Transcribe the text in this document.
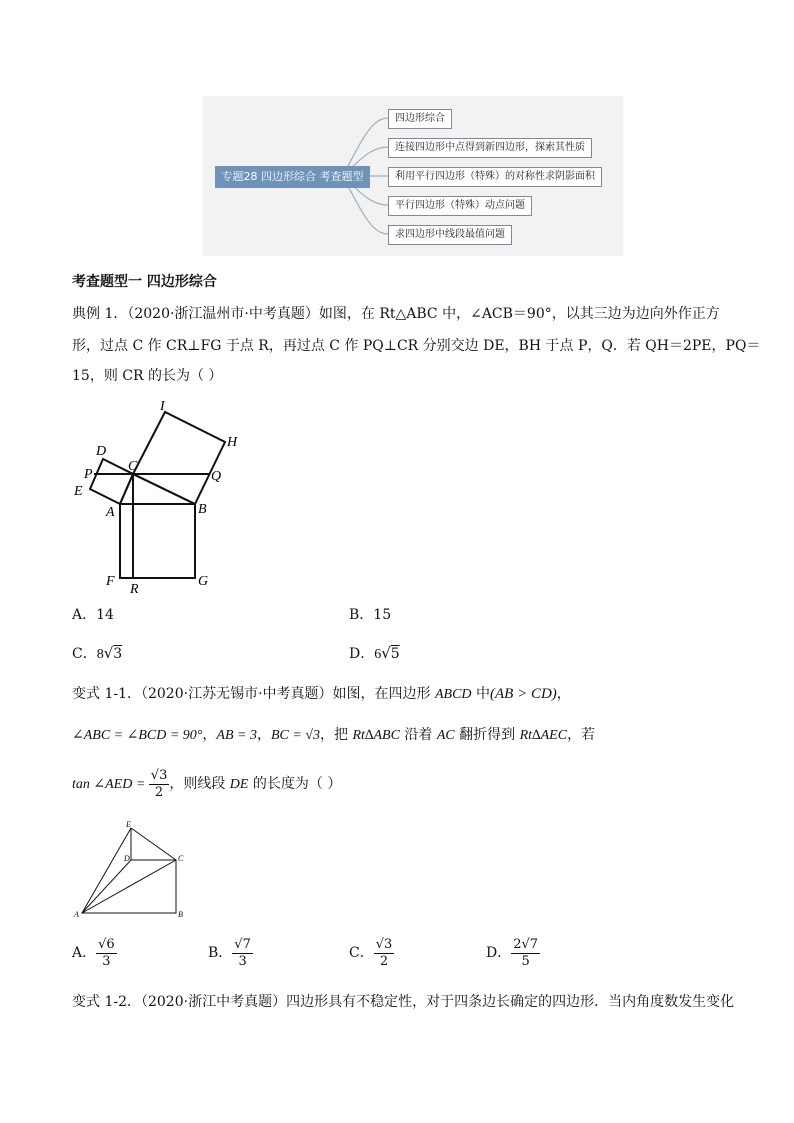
专题28 四边形综合 考查题型
四边形综合
连接四边形中点得到新四边形，探索其性质
利用平行四边形（特殊）的对称性求阴影面积
平行四边形（特殊）动点问题
求四边形中线段最值问题
考查题型一 四边形综合
典例 1．（2020·浙江温州市·中考真题）如图，在 Rt△ABC 中，∠ACB＝90°，以其三边为边向外作正方
形，过点 C 作 CR⊥FG 于点 R，再过点 C 作 PQ⊥CR 分别交边 DE，BH 于点 P，Q．若 QH＝2PE，PQ＝
15，则 CR 的长为（ ）
I
H
D
C
P	Q
E
A	B
F
R
G
A．14	B．15
C．8√3	D．6√5
变式 1-1．（2020·江苏无锡市·中考真题）如图，在四边形 ABCD 中(AB > CD)，
∠ABC = ∠BCD = 90°，AB = 3，BC = √3，把 Rt∆ABC 沿着 AC 翻折得到 Rt∆AEC，若
tan ∠AED = $\frac{√3}{2}$ ，则线段 DE 的长度为（ ）
E
D	C
A	B
A． $\frac{√6}{3}$	B． $\frac{√7}{3}$	C． $\frac{√3}{2}$	D． $\frac{2√7}{5}$
变式 1-2．（2020·浙江中考真题）四边形具有不稳定性，对于四条边长确定的四边形．当内角度数发生变化
